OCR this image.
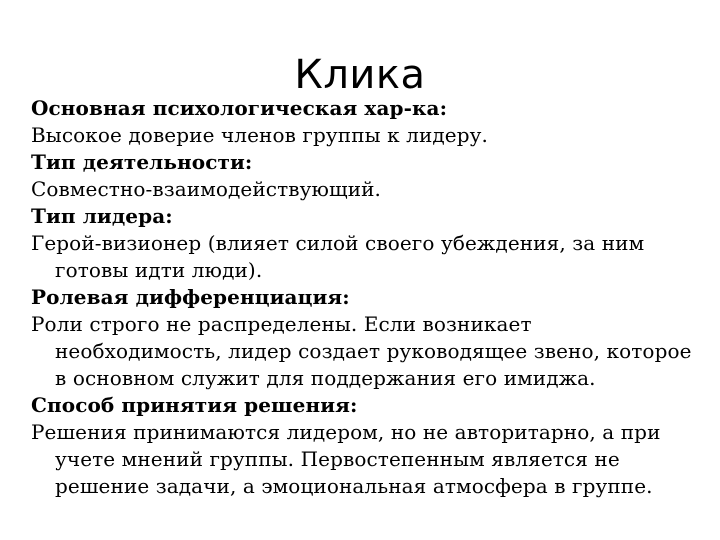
Клика

Основная психологическая хар-ка:

Высокое доверие членов группы к лидеру.

Тип деятельности:

Совместно-взаимодействующий.

Тип лидера:

Герой-визионер (влияет силой своего убеждения, за ним готовы идти люди).

Ролевая дифференциация:

Роли строго не распределены. Если возникает необходимость, лидер создает руководящее звено, которое в основном служит для поддержания его имиджа.

Способ принятия решения:

Решения принимаются лидером, но не авторитарно, а при учете мнений группы. Первостепенным является не решение задачи, а эмоциональная атмосфера в группе.
